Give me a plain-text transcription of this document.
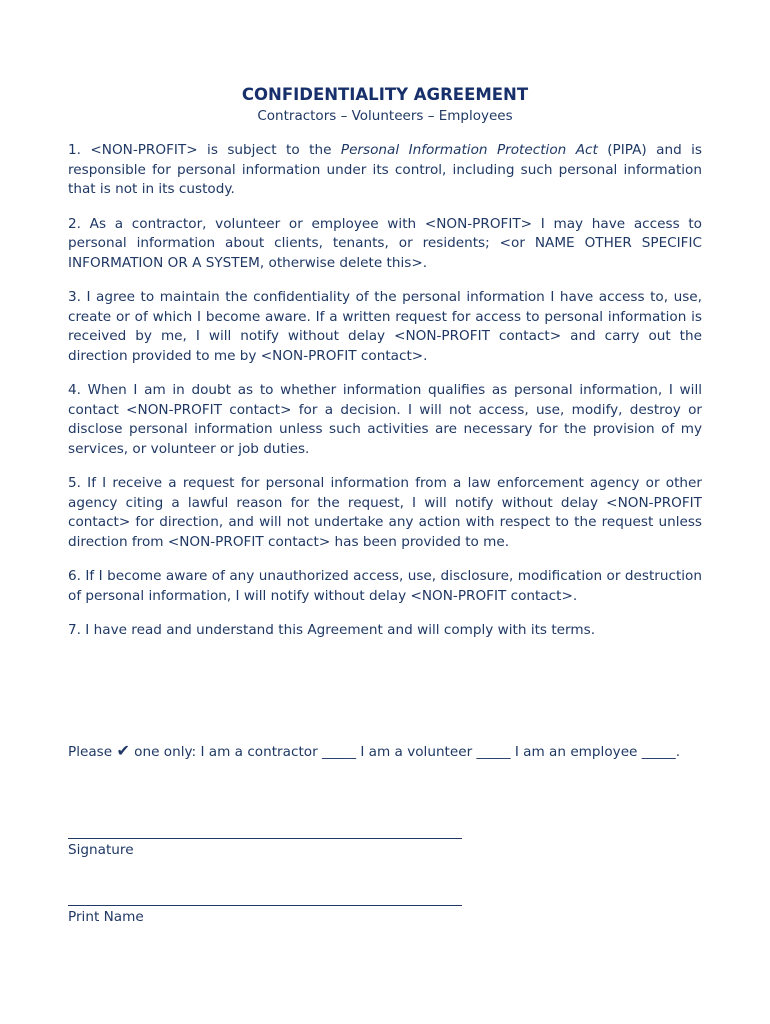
CONFIDENTIALITY AGREEMENT

Contractors – Volunteers – Employees

1. <NON-PROFIT> is subject to the Personal Information Protection Act (PIPA) and is responsible for personal information under its control, including such personal information that is not in its custody.

2. As a contractor, volunteer or employee with <NON-PROFIT> I may have access to personal information about clients, tenants, or residents; <or NAME OTHER SPECIFIC INFORMATION OR A SYSTEM, otherwise delete this>.

3. I agree to maintain the confidentiality of the personal information I have access to, use, create or of which I become aware. If a written request for access to personal information is received by me, I will notify without delay <NON-PROFIT contact> and carry out the direction provided to me by <NON-PROFIT contact>.

4. When I am in doubt as to whether information qualifies as personal information, I will contact <NON-PROFIT contact> for a decision. I will not access, use, modify, destroy or disclose personal information unless such activities are necessary for the provision of my services, or volunteer or job duties.

5. If I receive a request for personal information from a law enforcement agency or other agency citing a lawful reason for the request, I will notify without delay <NON-PROFIT contact> for direction, and will not undertake any action with respect to the request unless direction from <NON-PROFIT contact> has been provided to me.

6. If I become aware of any unauthorized access, use, disclosure, modification or destruction of personal information, I will notify without delay <NON-PROFIT contact>.

7. I have read and understand this Agreement and will comply with its terms.

Please ✔ one only: I am a contractor _____ I am a volunteer _____ I am an employee _____.
Signature
Print Name
